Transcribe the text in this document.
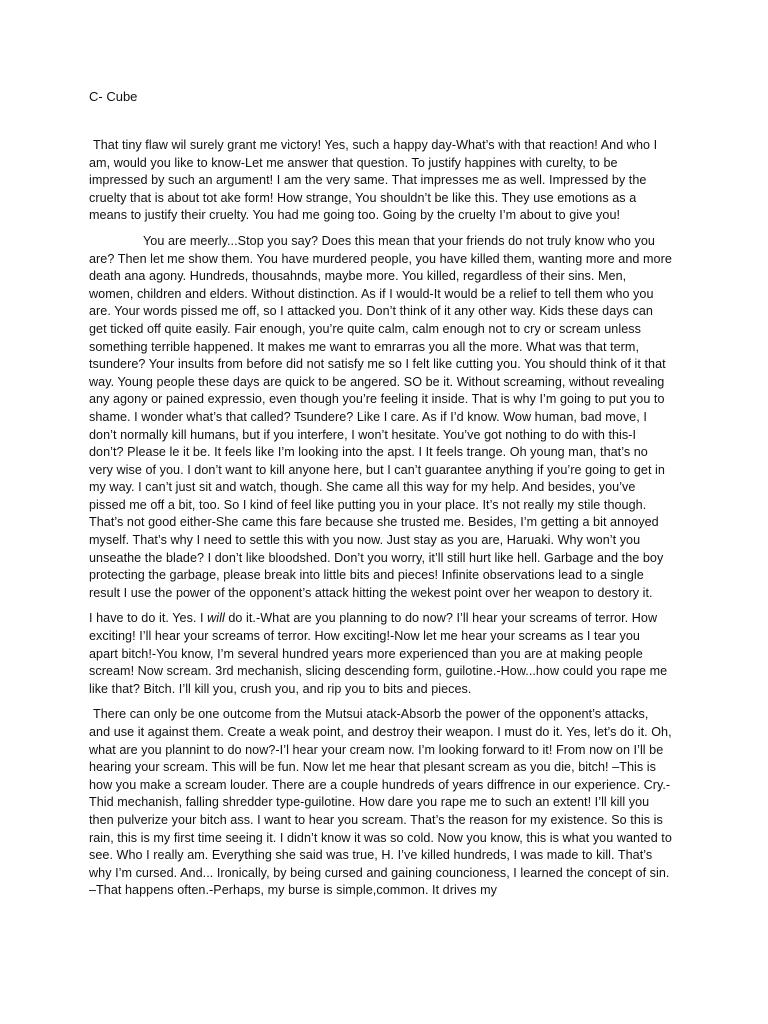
C- Cube

That tiny flaw wil surely grant me victory! Yes, such a happy day-What’s with that reaction! And who I am, would you like to know-Let me answer that question. To justify happines with curelty, to be impressed by such an argument! I am the very same. That impresses me as well. Impressed by the cruelty that is about tot ake form! How strange, You shouldn’t be like this. They use emotions as a means to justify their cruelty. You had me going too. Going by the cruelty I’m about to give you!

You are meerly...Stop you say? Does this mean that your friends do not truly know who you are? Then let me show them. You have murdered people, you have killed them, wanting more and more death ana agony. Hundreds, thousahnds, maybe more. You killed, regardless of their sins. Men, women, children and elders. Without distinction. As if I would-It would be a relief to tell them who you are. Your words pissed me off, so I attacked you. Don’t think of it any other way. Kids these days can get ticked off quite easily. Fair enough, you’re quite calm, calm enough not to cry or scream unless something terrible happened. It makes me want to emrarras you all the more. What was that term, tsundere? Your insults from before did not satisfy me so I felt like cutting you. You should think of it that way. Young people these days are quick to be angered. SO be it. Without screaming, without revealing any agony or pained expressio, even though you’re feeling it inside. That is why I’m going to put you to shame. I wonder what’s that called? Tsundere? Like I care. As if I’d know. Wow human, bad move, I don’t normally kill humans, but if you interfere, I won’t hesitate. You’ve got nothing to do with this-I don’t? Please le it be. It feels like I’m looking into the apst. I It feels trange. Oh young man, that’s no very wise of you. I don’t want to kill anyone here, but I can’t guarantee anything if you’re going to get in my way. I can’t just sit and watch, though. She came all this way for my help. And besides, you’ve pissed me off a bit, too. So I kind of feel like putting you in your place. It’s not really my stile though. That’s not good either-She came this fare because she trusted me. Besides, I’m getting a bit annoyed myself. That’s why I need to settle this with you now. Just stay as you are, Haruaki. Why won’t you unseathe the blade? I don’t like bloodshed. Don’t you worry, it’ll still hurt like hell. Garbage and the boy protecting the garbage, please break into little bits and pieces! Infinite observations lead to a single result I use the power of the opponent’s attack hitting the wekest point over her weapon to destory it.

I have to do it. Yes. I will do it.-What are you planning to do now? I’ll hear your screams of terror. How exciting! I’ll hear your screams of terror. How exciting!-Now let me hear your screams as I tear you apart bitch!-You know, I’m several hundred years more experienced than you are at making people scream! Now scream. 3rd mechanish, slicing descending form, guilotine.-How...how could you rape me like that? Bitch. I’ll kill you, crush you, and rip you to bits and pieces.

There can only be one outcome from the Mutsui atack-Absorb the power of the opponent’s attacks, and use it against them. Create a weak point, and destroy their weapon. I must do it. Yes, let’s do it. Oh, what are you plannint to do now?-I’l hear your cream now. I’m looking forward to it! From now on I’ll be hearing your scream. This will be fun. Now let me hear that plesant scream as you die, bitch! –This is how you make a scream louder. There are a couple hundreds of years diffrence in our experience. Cry.-Thid mechanish, falling shredder type-guilotine. How dare you rape me to such an extent! I’ll kill you then pulverize your bitch ass. I want to hear you scream. That’s the reason for my existence. So this is rain, this is my first time seeing it. I didn’t know it was so cold. Now you know, this is what you wanted to see. Who I really am. Everything she said was true, H. I’ve killed hundreds, I was made to kill. That’s why I’m cursed. And... Ironically, by being cursed and gaining councioness, I learned the concept of sin. –That happens often.-Perhaps, my burse is simple,common. It drives my
